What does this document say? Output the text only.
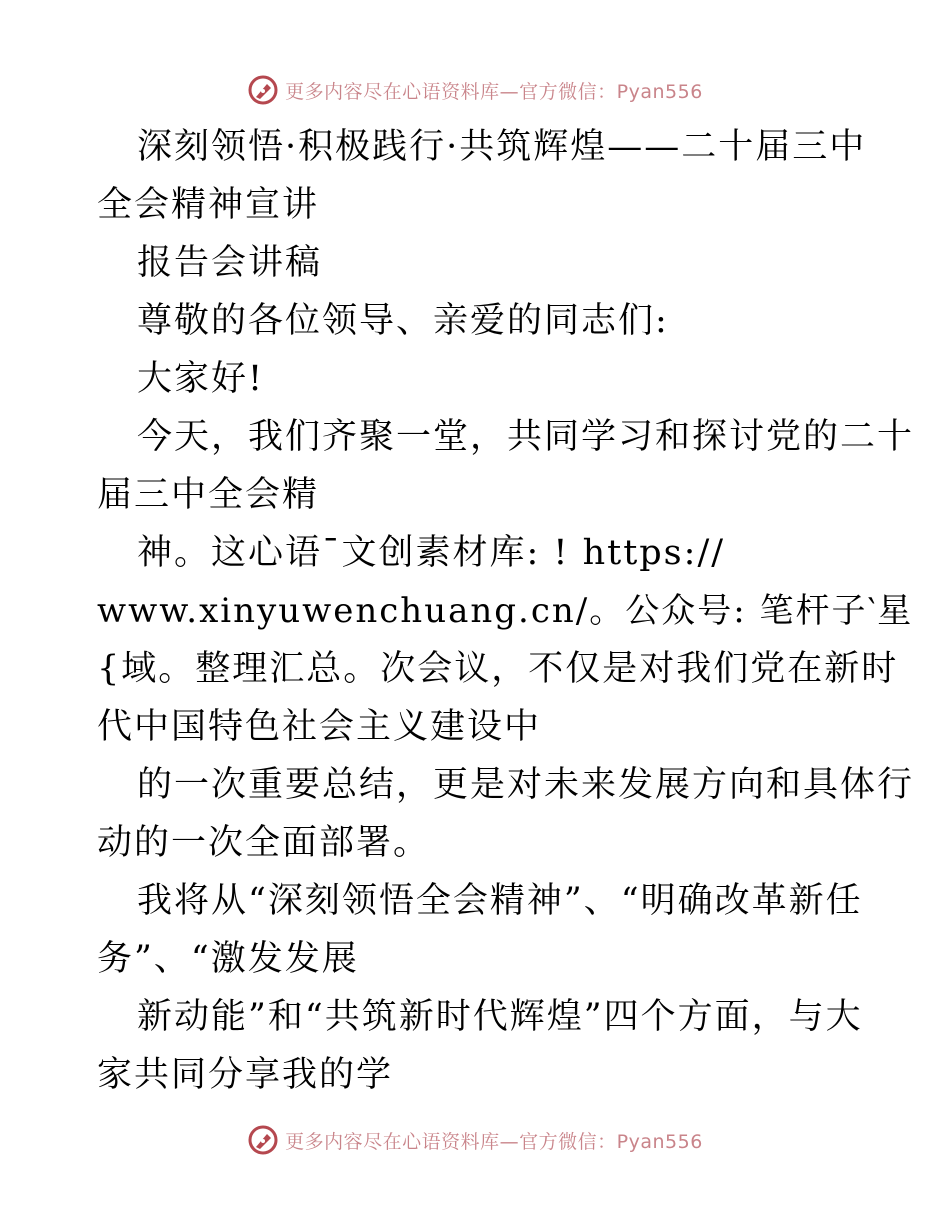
更多内容尽在心语资料库—官方微信：Pyan556
深刻领悟·积极践行·共筑辉煌——二十届三中
全会精神宣讲
报告会讲稿
尊敬的各位领导、亲爱的同志们:
大家好!
今天，我们齐聚一堂，共同学习和探讨党的二十
届三中全会精
神。这心语¯文创素材库: ! https://
www.xinyuwenchuang.cn/。公众号: 笔杆子‵星
{域。整理汇总。次会议，不仅是对我们党在新时
代中国特色社会主义建设中
的一次重要总结，更是对未来发展方向和具体行
动的一次全面部署。
我将从“深刻领悟全会精神”、“明确改革新任
务”、“激发发展
新动能”和“共筑新时代辉煌”四个方面，与大
家共同分享我的学
更多内容尽在心语资料库—官方微信：Pyan556
